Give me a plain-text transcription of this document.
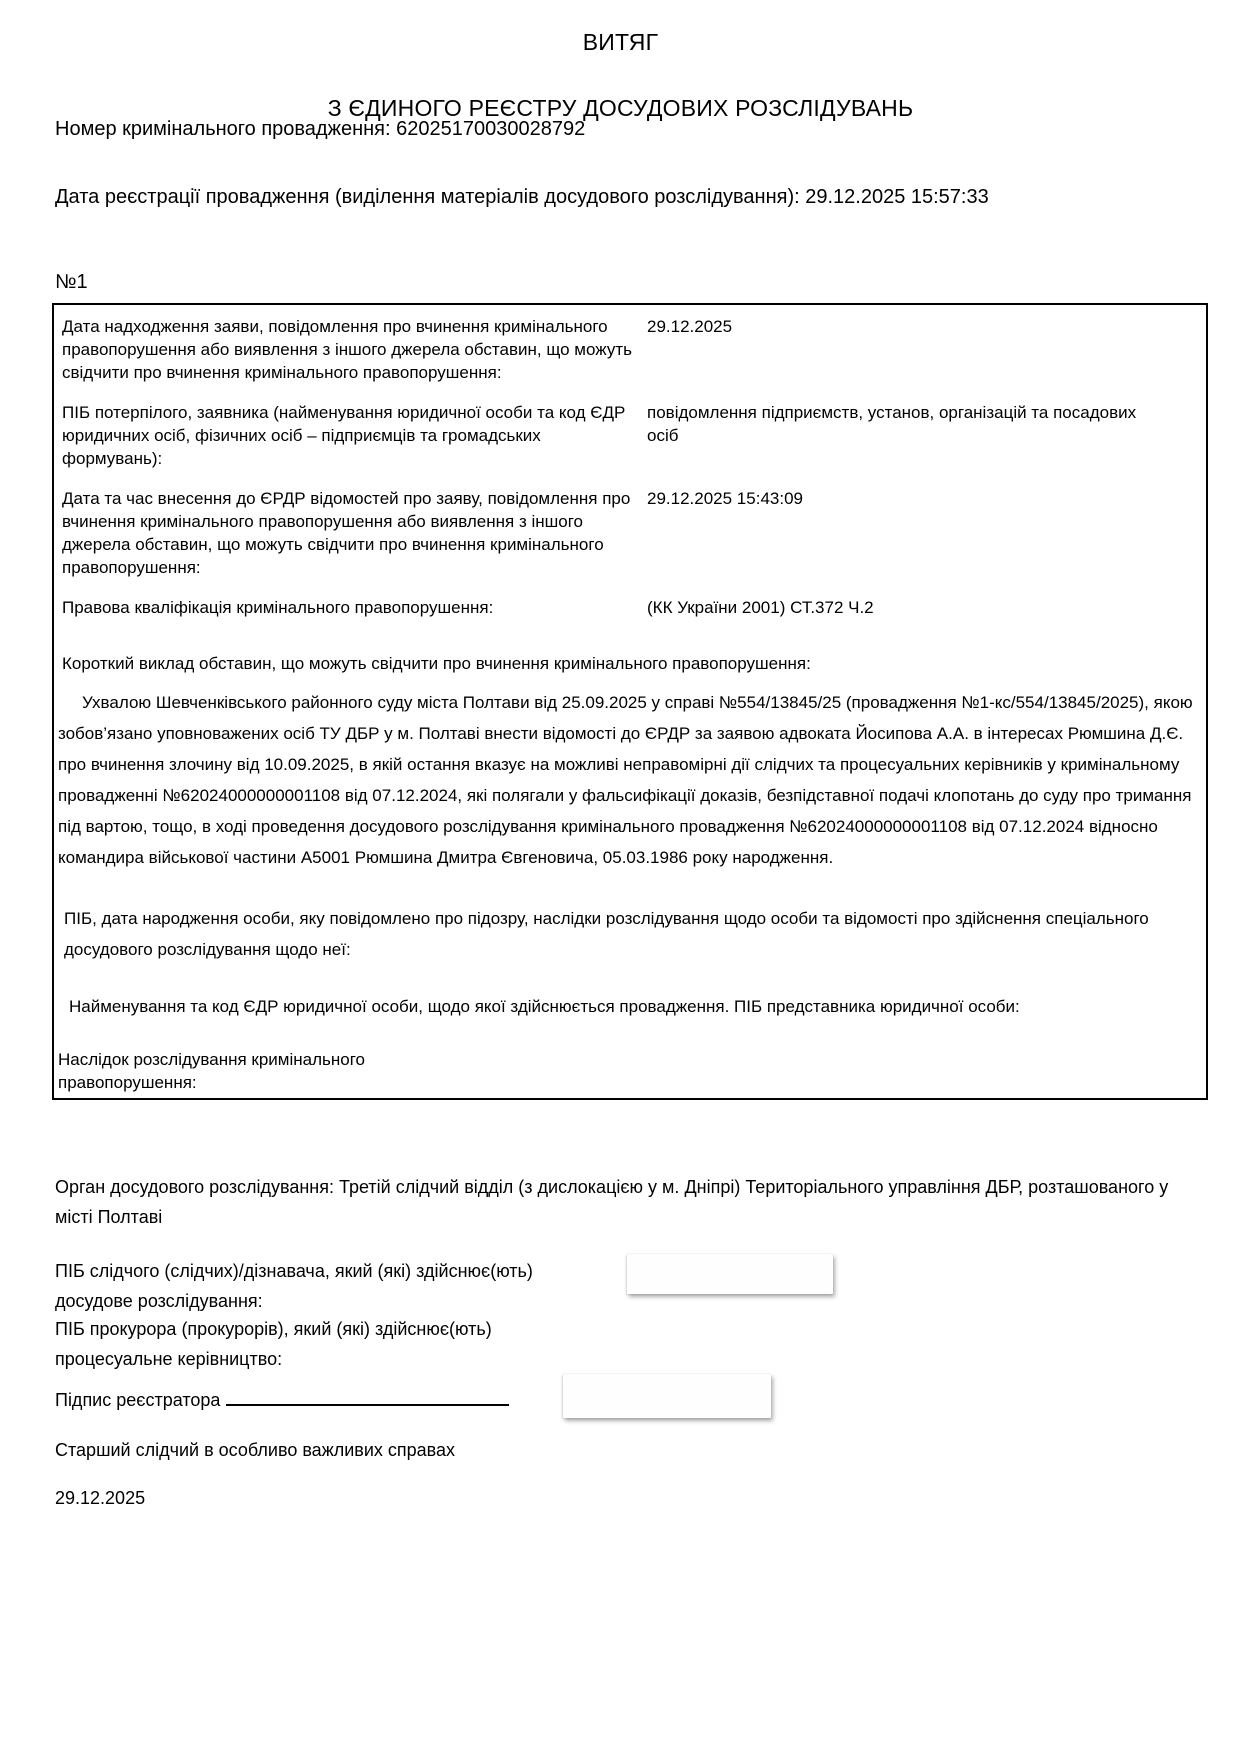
ВИТЯГ

З ЄДИНОГО РЕЄСТРУ ДОСУДОВИХ РОЗСЛІДУВАНЬ

Номер кримінального провадження: 62025170030028792
Дата реєстрації провадження (виділення матеріалів досудового розслідування): 29.12.2025 15:57:33
№1
Дата надходження заяви, повідомлення про вчинення кримінального правопорушення або виявлення з іншого джерела обставин, що можуть свідчити про вчинення кримінального правопорушення:
29.12.2025
ПІБ потерпілого, заявника (найменування юридичної особи та код ЄДР юридичних осіб, фізичних осіб – підприємців та громадських формувань):
повідомлення підприємств, установ, організацій та посадових осіб
Дата та час внесення до ЄРДР відомостей про заяву, повідомлення про вчинення кримінального правопорушення або виявлення з іншого джерела обставин, що можуть свідчити про вчинення кримінального правопорушення:
29.12.2025 15:43:09
Правова кваліфікація кримінального правопорушення:	(КК України 2001) СТ.372 Ч.2
Короткий виклад обставин, що можуть свідчити про вчинення кримінального правопорушення:
Ухвалою Шевченківського районного суду міста Полтави від 25.09.2025 у справі №554/13845/25 (провадження №1-кс/554/13845/2025), якою зобов’язано уповноважених осіб ТУ ДБР у м. Полтаві внести відомості до ЄРДР за заявою адвоката Йосипова А.А. в інтересах Рюмшина Д.Є. про вчинення злочину від 10.09.2025, в якій остання вказує на можливі неправомірні дії слідчих та процесуальних керівників у кримінальному провадженні №62024000000001108 від 07.12.2024, які полягали у фальсифікації доказів, безпідставної подачі клопотань до суду про тримання під вартою, тощо, в ході проведення досудового розслідування кримінального провадження №62024000000001108 від 07.12.2024 відносно командира військової частини А5001 Рюмшина Дмитра Євгеновича, 05.03.1986 року народження.
ПІБ, дата народження особи, яку повідомлено про підозру, наслідки розслідування щодо особи та відомості про здійснення спеціального досудового розслідування щодо неї:
Найменування та код ЄДР юридичної особи, щодо якої здійснюється провадження. ПІБ представника юридичної особи:
Наслідок розслідування кримінального правопорушення:
Орган досудового розслідування: Третій слідчий відділ (з дислокацією у м. Дніпрі) Територіального управління ДБР, розташованого у місті Полтаві
ПІБ слідчого (слідчих)/дізнавача, який (які) здійснює(ють) досудове розслідування:
ПІБ прокурора (прокурорів), який (які) здійснює(ють) процесуальне керівництво:
Підпис реєстратора
Старший слідчий в особливо важливих справах
29.12.2025
